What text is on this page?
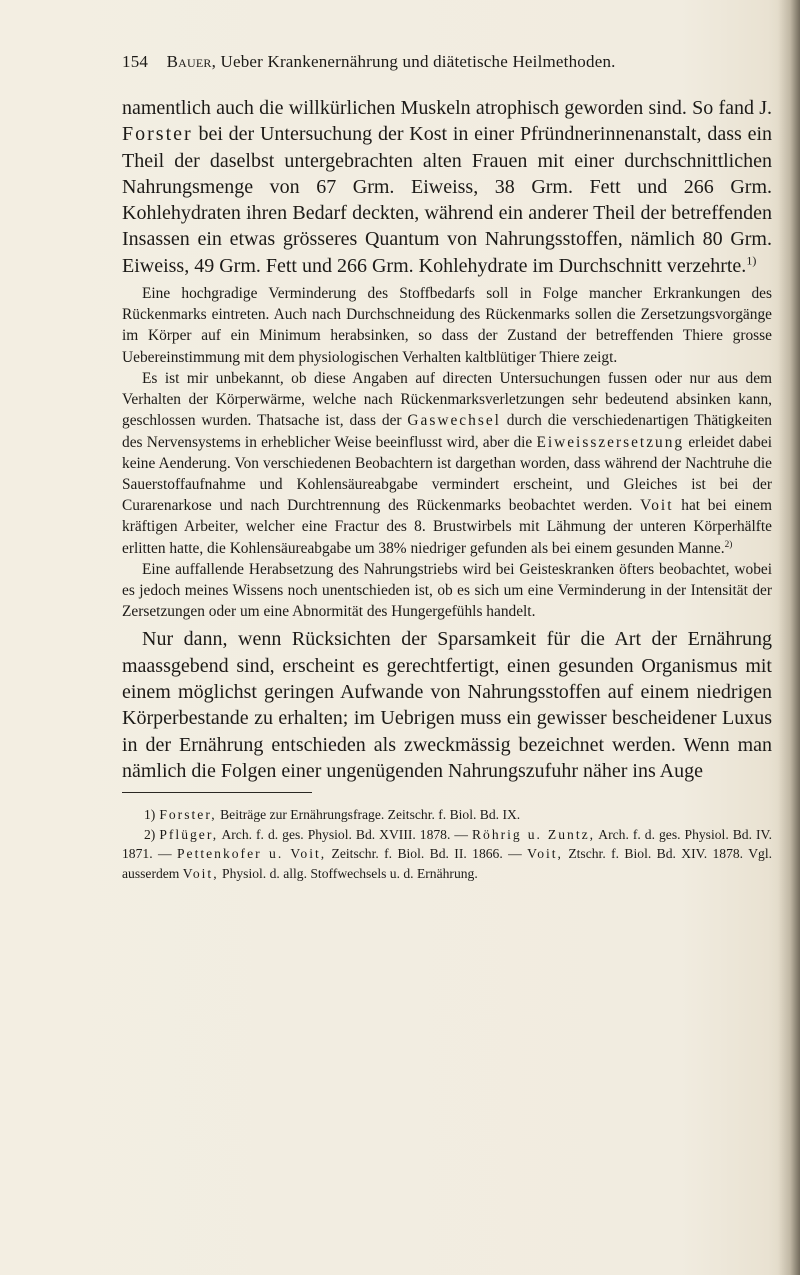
154 Bauer, Ueber Krankenernährung und diätetische Heilmethoden.

namentlich auch die willkürlichen Muskeln atrophisch geworden sind. So fand J. Forster bei der Untersuchung der Kost in einer Pfründnerinnenanstalt, dass ein Theil der daselbst untergebrachten alten Frauen mit einer durchschnittlichen Nahrungsmenge von 67 Grm. Eiweiss, 38 Grm. Fett und 266 Grm. Kohlehydraten ihren Bedarf deckten, während ein anderer Theil der betreffenden Insassen ein etwas grösseres Quantum von Nahrungsstoffen, nämlich 80 Grm. Eiweiss, 49 Grm. Fett und 266 Grm. Kohlehydrate im Durchschnitt verzehrte.$^{1)}$

Eine hochgradige Verminderung des Stoffbedarfs soll in Folge mancher Erkrankungen des Rückenmarks eintreten. Auch nach Durchschneidung des Rückenmarks sollen die Zersetzungsvorgänge im Körper auf ein Minimum herabsinken, so dass der Zustand der betreffenden Thiere grosse Uebereinstimmung mit dem physiologischen Verhalten kaltblütiger Thiere zeigt.

Es ist mir unbekannt, ob diese Angaben auf directen Untersuchungen fussen oder nur aus dem Verhalten der Körperwärme, welche nach Rückenmarksverletzungen sehr bedeutend absinken kann, geschlossen wurden. Thatsache ist, dass der Gaswechsel durch die verschiedenartigen Thätigkeiten des Nervensystems in erheblicher Weise beeinflusst wird, aber die Eiweisszersetzung erleidet dabei keine Aenderung. Von verschiedenen Beobachtern ist dargethan worden, dass während der Nachtruhe die Sauerstoffaufnahme und Kohlensäureabgabe vermindert erscheint, und Gleiches ist bei der Curarenarkose und nach Durchtrennung des Rückenmarks beobachtet werden. Voit hat bei einem kräftigen Arbeiter, welcher eine Fractur des 8. Brustwirbels mit Lähmung der unteren Körperhälfte erlitten hatte, die Kohlensäureabgabe um 38% niedriger gefunden als bei einem gesunden Manne.$^{2)}$

Eine auffallende Herabsetzung des Nahrungstriebs wird bei Geisteskranken öfters beobachtet, wobei es jedoch meines Wissens noch unentschieden ist, ob es sich um eine Verminderung in der Intensität der Zersetzungen oder um eine Abnormität des Hungergefühls handelt.

Nur dann, wenn Rücksichten der Sparsamkeit für die Art der Ernährung maassgebend sind, erscheint es gerechtfertigt, einen gesunden Organismus mit einem möglichst geringen Aufwande von Nahrungsstoffen auf einem niedrigen Körperbestande zu erhalten; im Uebrigen muss ein gewisser bescheidener Luxus in der Ernährung entschieden als zweckmässig bezeichnet werden. Wenn man nämlich die Folgen einer ungenügenden Nahrungszufuhr näher ins Auge

1) Forster, Beiträge zur Ernährungsfrage. Zeitschr. f. Biol. Bd. IX.

2) Pflüger, Arch. f. d. ges. Physiol. Bd. XVIII. 1878. — Röhrig u. Zuntz, Arch. f. d. ges. Physiol. Bd. IV. 1871. — Pettenkofer u. Voit, Zeitschr. f. Biol. Bd. II. 1866. — Voit, Ztschr. f. Biol. Bd. XIV. 1878. Vgl. ausserdem Voit, Physiol. d. allg. Stoffwechsels u. d. Ernährung.
